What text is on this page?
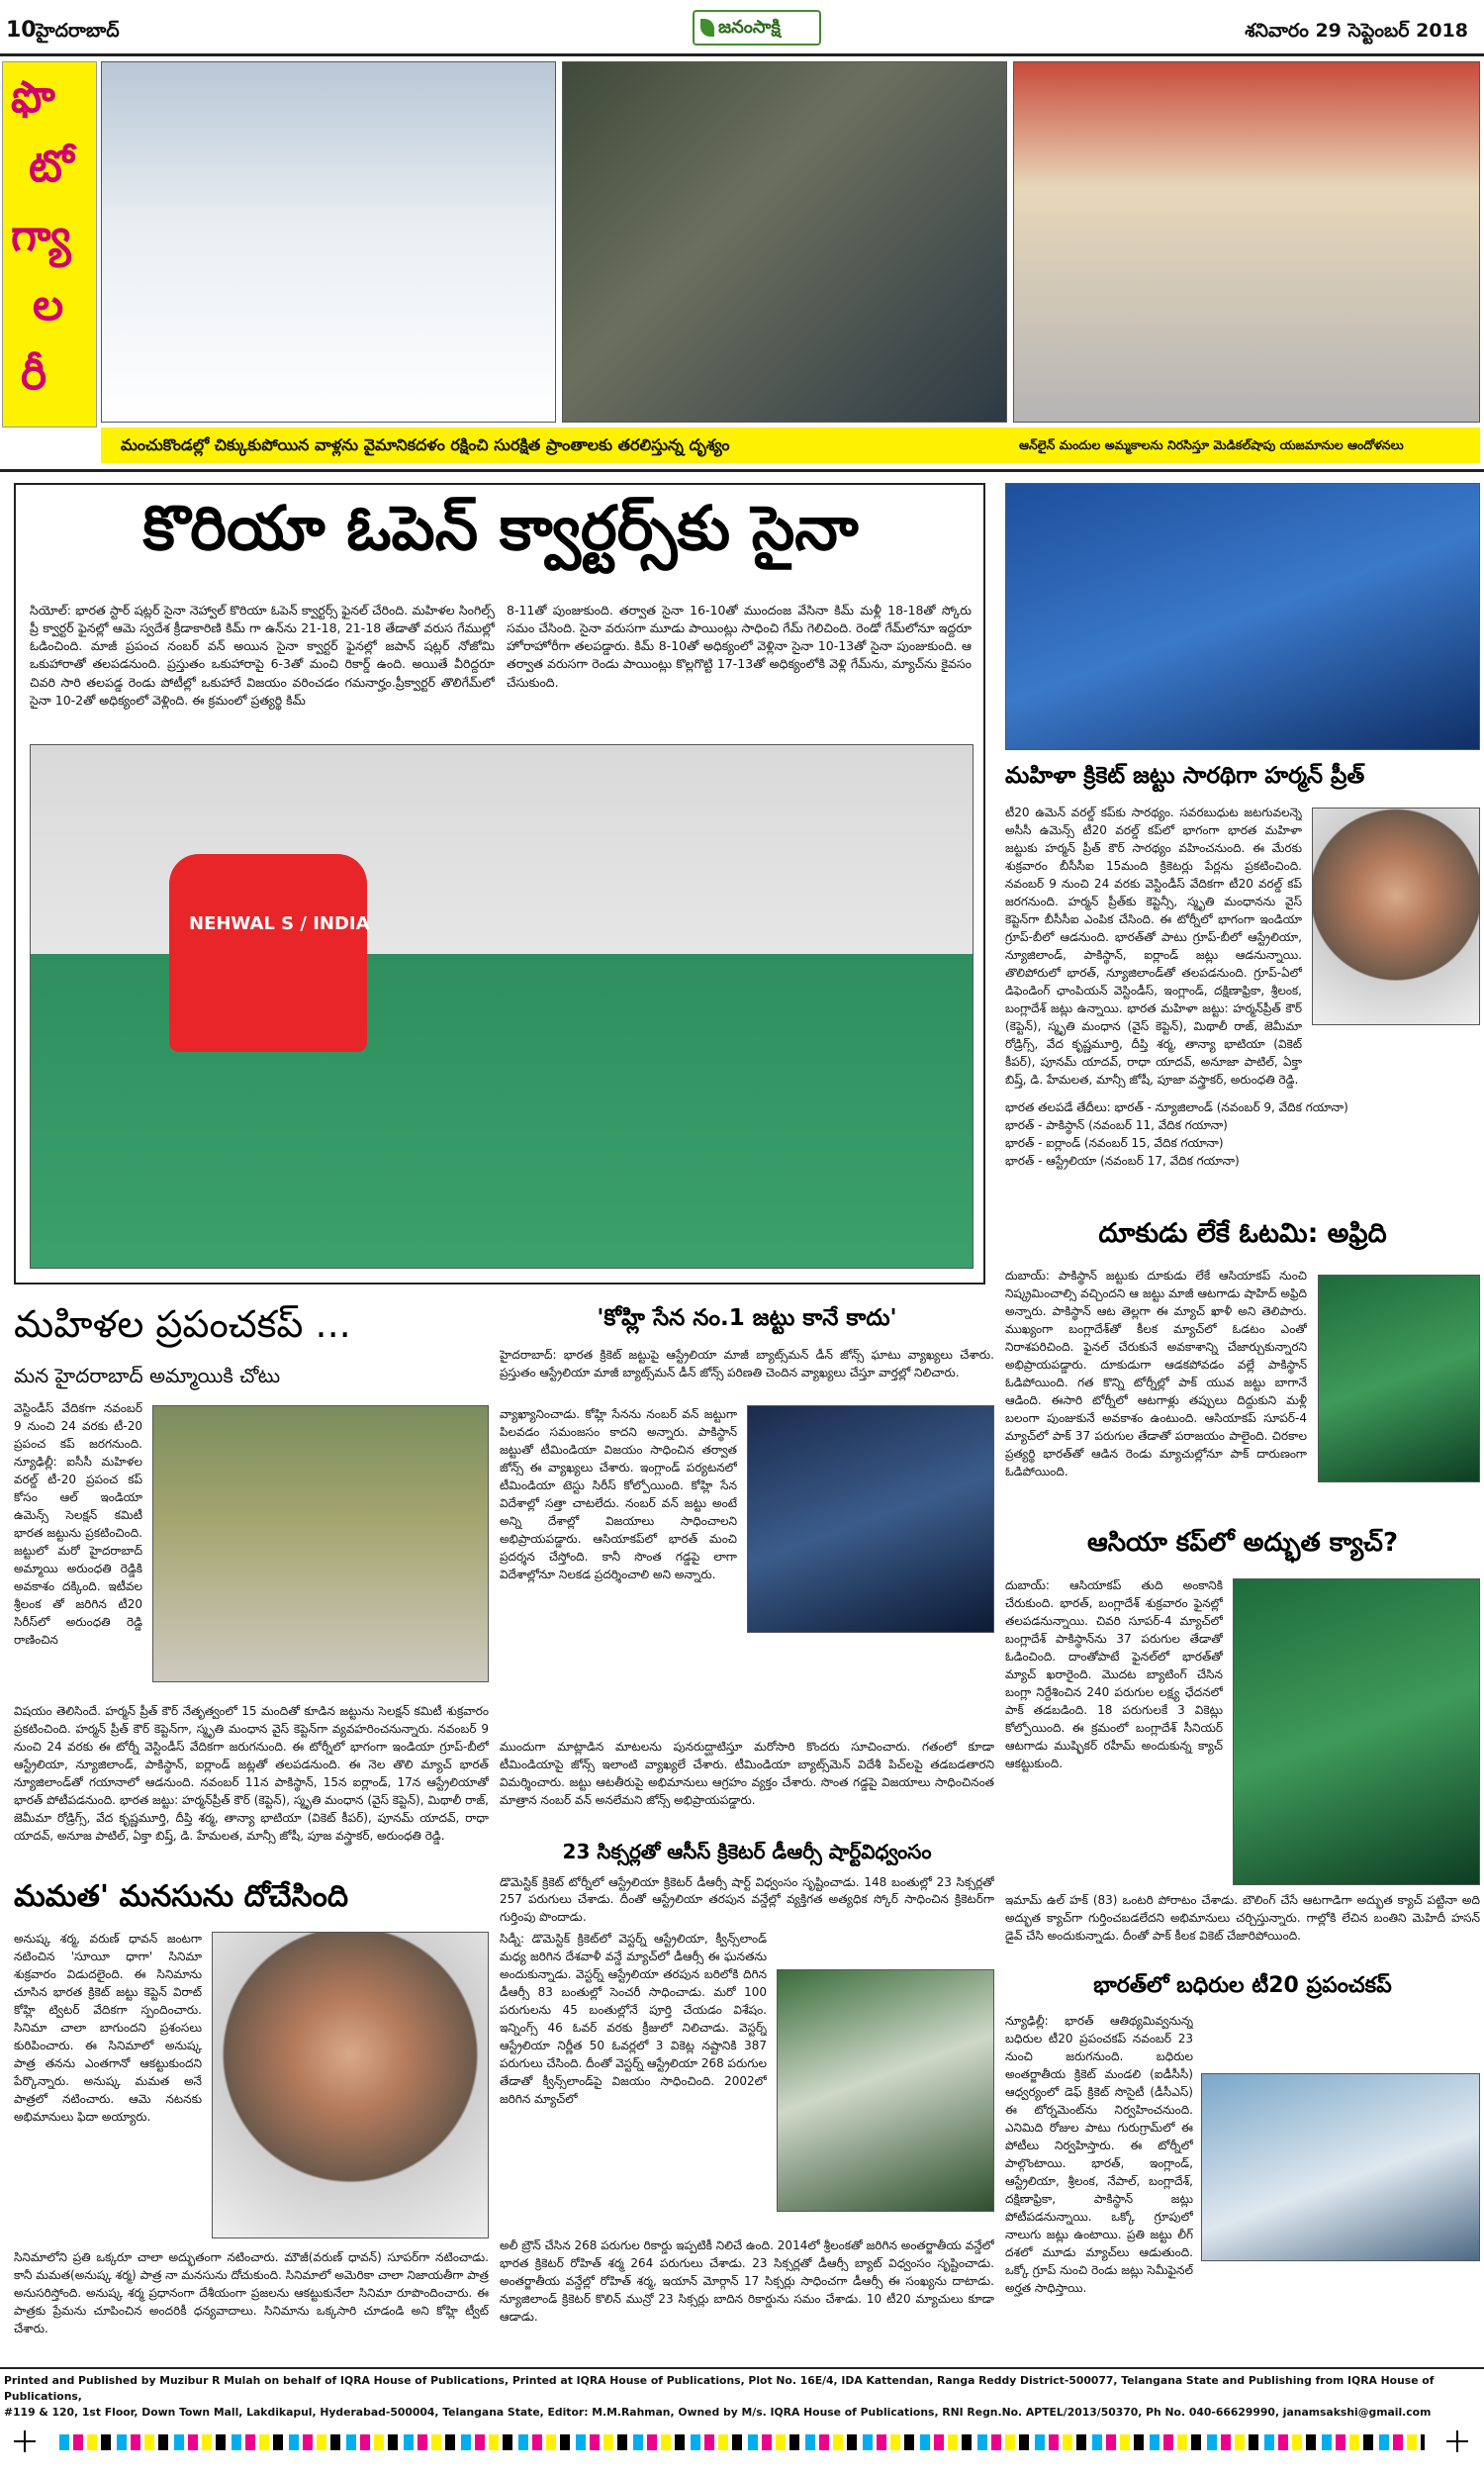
10 హైదరాబాద్	జనంసాక్షి	శనివారం 29 సెప్టెంబర్ 2018
ఫొ
టో
గ్యా
ల
రీ
మంచుకొండల్లో చిక్కుకుపోయిన వాళ్లను వైమానికదళం రక్షించి సురక్షిత ప్రాంతాలకు తరలిస్తున్న దృశ్యం	ఆన్‌లైన్ మందుల అమ్మకాలను నిరసిస్తూ మెడికల్‌షాపు యజమానుల ఆందోళనలు
కొరియా ఓపెన్ క్వార్టర్స్‌కు సైనా
సియోల్: భారత స్టార్ షట్లర్ సైనా నెహ్వాల్ కొరియా ఓపెన్ క్వార్టర్స్ ఫైనల్ చేరింది. మహిళల సింగిల్స్ ప్రీ క్వార్టర్ ఫైనల్లో ఆమె స్వదేశ క్రీడాకారిణి కిమ్ గా ఉన్‌ను 21-18, 21-18 తేడాతో వరుస గేముల్లో ఓడించింది. మాజీ ప్రపంచ నంబర్ వన్ అయిన సైనా క్వార్టర్ ఫైనల్లో జపాన్ షట్లర్ నోజోమి ఒకుహారాతో తలపడనుంది. ప్రస్తుతం ఒకుహారాపై 6-3తో మంచి రికార్డ్ ఉంది. అయితే వీరిద్దరూ చివరి సారి తలపడ్డ రెండు పోటీల్లో ఒకుహారే విజయం వరించడం గమనార్హం.ప్రీక్వార్టర్ తొలిగేమ్‌లో సైనా 10-2తో అధిక్యంలో వెళ్లింది. ఈ క్రమంలో ప్రత్యర్థి కిమ్
8-11తో పుంజుకుంది. తర్వాత సైనా 16-10తో ముందంజ వేసినా కిమ్ మళ్లీ 18-18తో స్కోరు సమం చేసింది. సైనా వరుసగా మూడు పాయింట్లు సాధించి గేమ్ గెలిచింది. రెండో గేమ్‌లోనూ ఇద్దరూ హోరాహోరీగా తలపడ్డారు. కిమ్ 8-10తో అధిక్యంలో వెళ్లినా సైనా 10-13తో సైనా పుంజుకుంది. ఆ తర్వాత వరుసగా రెండు పాయింట్లు కొల్లగొట్టి 17-13తో అధిక్యంలోకి వెళ్లి గేమ్‌ను, మ్యాచ్‌ను కైవసం చేసుకుంది.
NEHWAL S / INDIA
మహిళా క్రికెట్ జట్టు సారథిగా హర్మన్ ప్రీత్
టీ20 ఉమెన్ వరల్డ్ కప్‌కు సారథ్యం. సవరబుధుట జటగువలన్నె అసీసీ ఉమెన్స్ టీ20 వరల్డ్ కప్‌లో భాగంగా భారత మహిళా జట్టుకు హర్మన్ ప్రీత్ కౌర్ సారథ్యం వహించనుంది. ఈ మేరకు శుక్రవారం బీసీసీఐ 15మంది క్రికెటర్లు పేర్లను ప్రకటించింది. నవంబర్ 9 నుంచి 24 వరకు వెస్టిండీస్ వేదికగా టీ20 వరల్డ్ కప్ జరగనుంది. హర్మన్ ప్రీత్‌కు కెప్టెన్సీ, స్మృతి మంధానను వైస్ కెప్టెన్‌గా బీసీసీఐ ఎంపిక చేసింది. ఈ టోర్నీలో భాగంగా ఇండియా గ్రూప్-బీలో ఆడనుంది. భారత్‌తో పాటు గ్రూప్-బీలో ఆస్ట్రేలియా, న్యూజిలాండ్, పాకిస్థాన్, ఐర్లాండ్ జట్లు ఆడనున్నాయి. తొలిపోరులో భారత్, న్యూజిలాండ్‌తో తలపడనుంది. గ్రూప్-ఏలో డిఫెండింగ్ ఛాంపియన్ వెస్టిండీస్, ఇంగ్లాండ్, దక్షిణాఫ్రికా, శ్రీలంక, బంగ్లాదేశ్ జట్లు ఉన్నాయి. భారత మహిళా జట్టు: హర్మన్‌ప్రీత్ కౌర్ (కెప్టెన్), స్మృతి మంధాన (వైస్ కెప్టెన్), మిథాలీ రాజ్, జెమీమా రోడ్రిగ్స్, వేద కృష్ణమూర్తి, దీప్తి శర్మ, తాన్యా భాటియా (వికెట్ కీపర్), పూనమ్ యాదవ్, రాధా యాదవ్, అనూజా పాటిల్, ఏక్తా బిష్త్, డి. హేమలత, మాన్సీ జోషీ, పూజా వస్త్రాకర్, అరుంధతి రెడ్డి.
భారత తలపడే తేదీలు: భారత్ - న్యూజిలాండ్ (నవంబర్ 9, వేదిక గయానా)
భారత్ - పాకిస్థాన్ (నవంబర్ 11, వేదిక గయానా)
భారత్ - ఐర్లాండ్ (నవంబర్ 15, వేదిక గయానా)
భారత్ - ఆస్ట్రేలియా (నవంబర్ 17, వేదిక గయానా)
దూకుడు లేకే ఓటమి: అఫ్రిది
దుబాయ్: పాకిస్థాన్ జట్టుకు దూకుడు లేకే ఆసియాకప్ నుంచి నిష్క్రమించాల్సి వచ్చిందని ఆ జట్టు మాజీ ఆటగాడు షాహిద్ అఫ్రిది అన్నారు. పాకిస్థాన్ ఆట తెల్లగా ఈ మ్యాచ్ ఖాళీ అని తెలిపారు. ముఖ్యంగా బంగ్లాదేశ్‌తో కీలక మ్యాచ్‌లో ఓడటం ఎంతో నిరాశపరిచింది. ఫైనల్ చేరుకునే అవకాశాన్ని చేజార్చుకున్నారని అభిప్రాయపడ్డారు. దూకుడుగా ఆడకపోవడం వల్లే పాకిస్థాన్ ఓడిపోయింది. గత కొన్ని టోర్నీల్లో పాక్ యువ జట్టు బాగానే ఆడింది. ఈసారి టోర్నీలో ఆటగాళ్లు తప్పులు దిద్దుకుని మళ్లీ బలంగా పుంజుకునే అవకాశం ఉంటుంది. ఆసియాకప్ సూపర్-4 మ్యాచ్‌లో పాక్ 37 పరుగుల తేడాతో పరాజయం పాలైంది. చిరకాల ప్రత్యర్థి భారత్‌తో ఆడిన రెండు మ్యాచుల్లోనూ పాక్ దారుణంగా ఓడిపోయింది.
ఆసియా కప్‌లో అద్భుత క్యాచ్?
దుబాయ్: ఆసియాకప్ తుది అంకానికి చేరుకుంది. భారత్, బంగ్లాదేశ్ శుక్రవారం ఫైనల్లో తలపడనున్నాయి. చివరి సూపర్-4 మ్యాచ్‌లో బంగ్లాదేశ్ పాకిస్థాన్‌ను 37 పరుగుల తేడాతో ఓడించింది. దాంతోపాటే ఫైనల్‌లో భారత్‌తో మ్యాచ్ ఖరారైంది. మొదట బ్యాటింగ్ చేసిన బంగ్లా నిర్దేశించిన 240 పరుగుల లక్ష్య ఛేదనలో పాక్ తడబడింది. 18 పరుగులకే 3 వికెట్లు కోల్పోయింది. ఈ క్రమంలో బంగ్లాదేశ్ సీనియర్ ఆటగాడు ముష్ఫికర్ రహీమ్ అందుకున్న క్యాచ్ ఆకట్టుకుంది.
ఇమామ్ ఉల్ హక్ (83) ఒంటరి పోరాటం చేశాడు. బౌలింగ్ చేసే ఆటగాడిగా అద్భుత క్యాచ్ పట్టినా అది అద్భుత క్యాచ్‌గా గుర్తించబడలేదని అభిమానులు చర్చిస్తున్నారు. గాల్లోకి లేచిన బంతిని మెహిదీ హసన్ డైవ్ చేసి అందుకున్నాడు. దీంతో పాక్ కీలక వికెట్ చేజారిపోయింది.
భారత్‌లో బధిరుల టీ20 ప్రపంచకప్
న్యూఢిల్లీ: భారత్ ఆతిథ్యమివ్వనున్న బధిరుల టీ20 ప్రపంచకప్ నవంబర్ 23 నుంచి జరుగనుంది. బధిరుల అంతర్జాతీయ క్రికెట్ మండలి (ఐడీసీసీ) ఆధ్వర్యంలో డెఫ్ క్రికెట్ సొసైటీ (డీసీఎస్) ఈ టోర్నమెంట్‌ను నిర్వహించనుంది. ఎనిమిది రోజుల పాటు గురుగ్రామ్‌లో ఈ పోటీలు నిర్వహిస్తారు. ఈ టోర్నీలో పాల్గొంటాయి. భారత్, ఇంగ్లాండ్, ఆస్ట్రేలియా, శ్రీలంక, నేపాల్, బంగ్లాదేశ్, దక్షిణాఫ్రికా, పాకిస్థాన్ జట్లు పోటీపడనున్నాయి. ఒక్కో గ్రూపులో నాలుగు జట్లు ఉంటాయి. ప్రతి జట్టు లీగ్ దశలో మూడు మ్యాచ్‌లు ఆడుతుంది. ఒక్కో గ్రూప్ నుంచి రెండు జట్లు సెమీఫైనల్ అర్హత సాధిస్తాయి.
మహిళల ప్రపంచకప్ ...
మన హైదరాబాద్ అమ్మాయికి చోటు
వెస్టిండీస్ వేదికగా నవంబర్ 9 నుంచి 24 వరకు టీ-20 ప్రపంచ కప్ జరగనుంది. న్యూఢిల్లీ: ఐసీసీ మహిళల వరల్డ్ టీ-20 ప్రపంచ కప్ కోసం ఆల్ ఇండియా ఉమెన్స్ సెలక్షన్ కమిటీ భారత జట్టును ప్రకటించింది. జట్టులో మరో హైదరాబాద్ అమ్మాయి అరుంధతి రెడ్డికి అవకాశం దక్కింది. ఇటీవల శ్రీలంక తో జరిగిన టీ20 సిరీస్‌లో అరుంధతి రెడ్డి రాణించిన
విషయం తెలిసిందే. హర్మన్ ప్రీత్ కౌర్ నేతృత్వంలో 15 మందితో కూడిన జట్టును సెలక్షన్ కమిటీ శుక్రవారం ప్రకటించింది. హర్మన్ ప్రీత్ కౌర్ కెప్టెన్‌గా, స్మృతి మంధాన వైస్ కెప్టెన్‌గా వ్యవహరించనున్నారు. నవంబర్ 9 నుంచి 24 వరకు ఈ టోర్నీ వెస్టిండీస్ వేదికగా జరుగనుంది. ఈ టోర్నీలో భాగంగా ఇండియా గ్రూప్-బీలో ఆస్ట్రేలియా, న్యూజిలాండ్, పాకిస్థాన్, ఐర్లాండ్ జట్లతో తలపడనుంది. ఈ నెల తొలి మ్యాచ్ భారత్ న్యూజిలాండ్‌తో గయానాలో ఆడనుంది. నవంబర్ 11న పాకిస్థాన్, 15న ఐర్లాండ్, 17న ఆస్ట్రేలియాతో భారత్ పోటీపడనుంది. భారత జట్టు: హర్మన్‌ప్రీత్ కౌర్ (కెప్టెన్), స్మృతి మంధాన (వైస్ కెప్టెన్), మిథాలీ రాజ్, జెమీమా రోడ్రిగ్స్, వేద కృష్ణమూర్తి, దీప్తి శర్మ, తాన్యా భాటియా (వికెట్ కీపర్), పూనమ్ యాదవ్, రాధా యాదవ్, అనూజ పాటిల్, ఏక్తా బిష్త్, డి. హేమలత, మాన్సీ జోషీ, పూజ వస్త్రాకర్, అరుంధతి రెడ్డి.
'కోహ్లి సేన నం.1 జట్టు కానే కాదు'
హైదరాబాద్: భారత క్రికెట్ జట్టుపై ఆస్ట్రేలియా మాజీ బ్యాట్స్‌మన్ డీన్ జోన్స్ ఘాటు వ్యాఖ్యలు చేశారు. ప్రస్తుతం ఆస్ట్రేలియా మాజీ బ్యాట్స్‌మన్ డీన్ జోన్స్ పరిణతి చెందిన వ్యాఖ్యలు చేస్తూ వార్తల్లో నిలిచారు.
వ్యాఖ్యానించాడు. కోహ్లి సేనను నంబర్ వన్ జట్టుగా పిలవడం సమంజసం కాదని అన్నారు. పాకిస్థాన్ జట్టుతో టీమిండియా విజయం సాధించిన తర్వాత జోన్స్ ఈ వ్యాఖ్యలు చేశారు. ఇంగ్లాండ్ పర్యటనలో టీమిండియా టెస్టు సిరీస్ కోల్పోయింది. కోహ్లి సేన విదేశాల్లో సత్తా చాటలేదు. నంబర్ వన్ జట్టు అంటే అన్ని దేశాల్లో విజయాలు సాధించాలని అభిప్రాయపడ్డారు. ఆసియాకప్‌లో భారత్ మంచి ప్రదర్శన చేస్తోంది. కానీ సొంత గడ్డపై లాగా విదేశాల్లోనూ నిలకడ ప్రదర్శించాలి అని అన్నారు.
ముందుగా మాట్లాడిన మాటలను పునరుద్ఘాటిస్తూ మరోసారి కొందరు సూచించారు. గతంలో కూడా టీమిండియాపై జోన్స్ ఇలాంటి వ్యాఖ్యలే చేశారు. టీమిండియా బ్యాట్స్‌మెన్ విదేశీ పిచ్‌లపై తడబడతారని విమర్శించారు. జట్టు ఆటతీరుపై అభిమానులు ఆగ్రహం వ్యక్తం చేశారు. సొంత గడ్డపై విజయాలు సాధించినంత మాత్రాన నంబర్ వన్ అనలేమని జోన్స్ అభిప్రాయపడ్డారు.
23 సిక్సర్లతో ఆసీస్ క్రికెటర్ డీఆర్సీ షార్ట్‌విధ్వంసం
డొమెస్టిక్ క్రికెట్ టోర్నీలో ఆస్ట్రేలియా క్రికెటర్ డీఆర్సీ షార్ట్ విధ్వంసం సృష్టించాడు. 148 బంతుల్లో 23 సిక్సర్లతో 257 పరుగులు చేశాడు. దీంతో ఆస్ట్రేలియా తరపున వన్డేల్లో వ్యక్తిగత అత్యధిక స్కోర్ సాధించిన క్రికెటర్‌గా గుర్తింపు పొందాడు.
సిడ్నీ: డొమెస్టిక్ క్రికెట్‌లో వెస్టర్న్ ఆస్ట్రేలియా, క్వీన్స్‌లాండ్ మధ్య జరిగిన దేశవాళీ వన్డే మ్యాచ్‌లో డీఆర్సీ ఈ ఘనతను అందుకున్నాడు. వెస్టర్న్ ఆస్ట్రేలియా తరపున బరిలోకి దిగిన డీఆర్సీ 83 బంతుల్లో సెంచరీ సాధించాడు. మరో 100 పరుగులను 45 బంతుల్లోనే పూర్తి చేయడం విశేషం. ఇన్నింగ్స్ 46 ఓవర్ వరకు క్రీజులో నిలిచాడు. వెస్టర్న్ ఆస్ట్రేలియా నిర్ణీత 50 ఓవర్లలో 3 వికెట్ల నష్టానికి 387 పరుగులు చేసింది. దీంతో వెస్టర్న్ ఆస్ట్రేలియా 268 పరుగుల తేడాతో క్వీన్స్‌లాండ్‌పై విజయం సాధించింది. 2002లో జరిగిన మ్యాచ్‌లో
అలీ బ్రౌన్ చేసిన 268 పరుగుల రికార్డు ఇప్పటికీ నిలిచే ఉంది. 2014లో శ్రీలంకతో జరిగిన అంతర్జాతీయ వన్డేలో భారత క్రికెటర్ రోహిత్ శర్మ 264 పరుగులు చేశాడు. 23 సిక్సర్లతో డీఆర్సీ బ్యాట్ విధ్వంసం సృష్టించాడు. అంతర్జాతీయ వన్డేల్లో రోహిత్ శర్మ, ఇయాన్ మోర్గాన్ 17 సిక్సర్లు సాధించగా డీఆర్సీ ఈ సంఖ్యను దాటాడు. న్యూజిలాండ్ క్రికెటర్ కొలిన్ మున్రో 23 సిక్సర్లు బాదిన రికార్డును సమం చేశాడు. 10 టీ20 మ్యాచులు కూడా ఆడాడు.
మమత' మనసును దోచేసింది
అనుష్క శర్మ, వరుణ్ ధావన్ జంటగా నటించిన 'సూయీ ధాగా' సినిమా శుక్రవారం విడుదలైంది. ఈ సినిమాను చూసిన భారత క్రికెట్ జట్టు కెప్టెన్ విరాట్ కోహ్లి ట్విటర్ వేదికగా స్పందించారు. సినిమా చాలా బాగుందని ప్రశంసలు కురిపించారు. ఈ సినిమాలో అనుష్క పాత్ర తనను ఎంతగానో ఆకట్టుకుందని పేర్కొన్నారు. అనుష్క మమత అనే పాత్రలో నటించారు. ఆమె నటనకు అభిమానులు ఫిదా అయ్యారు.
సినిమాలోని ప్రతి ఒక్కరూ చాలా అద్భుతంగా నటించారు. మౌజీ(వరుణ్ ధావన్) సూపర్‌గా నటించాడు. కానీ మమత(అనుష్క శర్మ) పాత్ర నా మనసును దోచుకుంది. సినిమాలో అమెరికా చాలా నిజాయతీగా పాత్ర అనుసరిస్తోంది. అనుష్క శర్మ ప్రధానంగా దేశీయంగా ప్రజలను ఆకట్టుకునేలా సినిమా రూపొందించారు. ఈ పాత్రకు ప్రేమను చూపించిన అందరికీ ధన్యవాదాలు. సినిమాను ఒక్కసారి చూడండి అని కోహ్లి ట్వీట్ చేశారు.
Printed and Published by Muzibur R Mulah on behalf of IQRA House of Publications, Printed at IQRA House of Publications, Plot No. 16E/4, IDA Kattendan, Ranga Reddy District-500077, Telangana State and Publishing from IQRA House of Publications,
#119 & 120, 1st Floor, Down Town Mall, Lakdikapul, Hyderabad-500004, Telangana State, Editor: M.M.Rahman, Owned by M/s. IQRA House of Publications, RNI Regn.No. APTEL/2013/50370, Ph No. 040-66629990, janamsakshi@gmail.com
